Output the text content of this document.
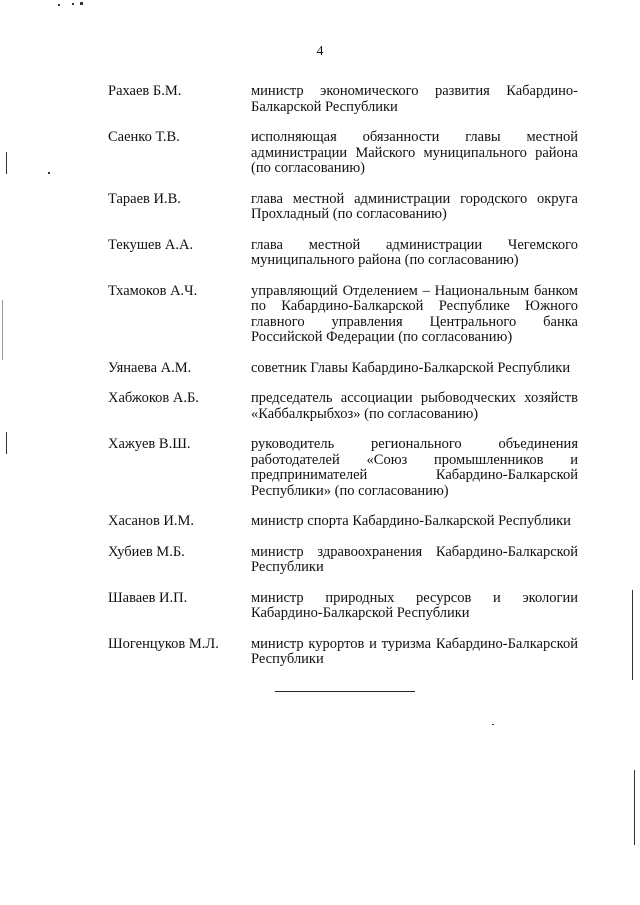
4
Рахаев Б.М.	министр экономического развития Кабардино-Балкарской Республики
Саенко Т.В.	исполняющая обязанности главы местной администрации Майского муниципального района (по согласованию)
Тараев И.В.	глава местной администрации городского округа Прохладный (по согласованию)
Текушев А.А.	глава местной администрации Чегемского муниципального района (по согласованию)
Тхамоков А.Ч.	управляющий Отделением – Национальным банком по Кабардино-Балкарской Республике Южного главного управления Центрального банка Российской Федерации (по согласованию)
Уянаева А.М.	советник Главы Кабардино-Балкарской Республики
Хабжоков А.Б.	председатель ассоциации рыбоводческих хозяйств «Каббалкрыбхоз» (по согласованию)
Хажуев В.Ш.	руководитель регионального объединения работодателей «Союз промышленников и предпринимателей Кабардино-Балкарской Республики» (по согласованию)
Хасанов И.М.	министр спорта Кабардино-Балкарской Республики
Хубиев М.Б.	министр здравоохранения Кабардино-Балкарской Республики
Шаваев И.П.	министр природных ресурсов и экологии Кабардино-Балкарской Республики
Шогенцуков М.Л.	министр курортов и туризма Кабардино-Балкарской Республики
